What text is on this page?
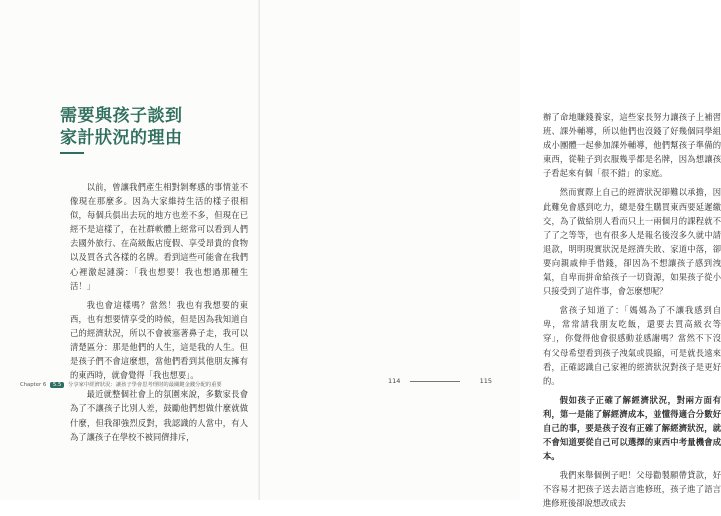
需要與孩子談到
家計狀況的理由

以前，曾讓我們產生相對剝奪感的事情並不像現在那麼多。因為大家維持生活的樣子很相似，每個兵俱出去玩的地方也差不多，但現在已經不是這樣了，在社群軟體上經常可以看到人們去國外旅行、在高級飯店度假、享受昂貴的食物以及買各式各樣的名牌。看到這些可能會在我們心裡激起漣漪：「我也想要！我也想過那種生活！」

我也會這樣嗎？當然！我也有我想要的東西，也有想要情享受的時候，但是因為我知道自己的經濟狀況，所以不會被塞著鼻子走，我可以清楚區分：那是他們的人生，這是我的人生。但是孩子們不會這麼想，當他們看到其他朋友擁有的東西時，就會覺得「我也想要」。

最近就整個社會上的氛圍來說，多數家長會為了不讓孩子比別人差，鼓勵他們想做什麼就做什麼，但我卻強烈反對，我認識的人當中，有人為了讓孩子在學校不被同儕排斥，

Chapter 6 5.5 分享家中經濟狀況：讓孩子學會思考理財的最關鍵金錢分配的重要

辦了命地賺錢養家，這些家長努力讓孩子上補習班、課外輔導，所以他們也沒錢了好幾個同學組成小團體一起參加課外輔導，他們幫孩子準備的東西，從鞋子到衣服幾乎都是名牌，因為想讓孩子看起來有個「很不錯」的家庭。

然而實際上自己的經濟狀況卻難以承擔，因此難免會感到吃力，總是發生購買東西要延遲繳交，為了做給別人看而只上一兩個月的課程就不了了之等等，也有很多人是報名後沒多久就中請退款，明明現實狀況是經濟失敗、家道中落，卻要向親戚伸手借錢，卻因為不想讓孩子感到洩氣，自卑而拼命給孩子一切資源，如果孩子從小只接受到了這件事，會怎麼想呢？

當孩子知道了：「媽媽為了不讓我感到自卑，常常請我朋友吃飯，還要去買高級衣等穿」，你覺得他會很感動並感謝嗎？當然不下沒有父母希望看到孩子洩氣或畏縮，可是就長遠來看，正確認識自己家裡的經濟狀況對孩子是更好的。

假如孩子正確了解經濟狀況，對兩方面有利，第一是能了解經濟成本，並懂得適合分數好自己的事，要是孩子沒有正確了解經濟狀況，就不會知道要從自己可以選擇的東西中考量機會成本。

我們來舉個例子吧！父母勸製願帶貸款，好不容易才把孩子送去語言進修班，孩子進了語言進修班後卻說想改成去

114	115
